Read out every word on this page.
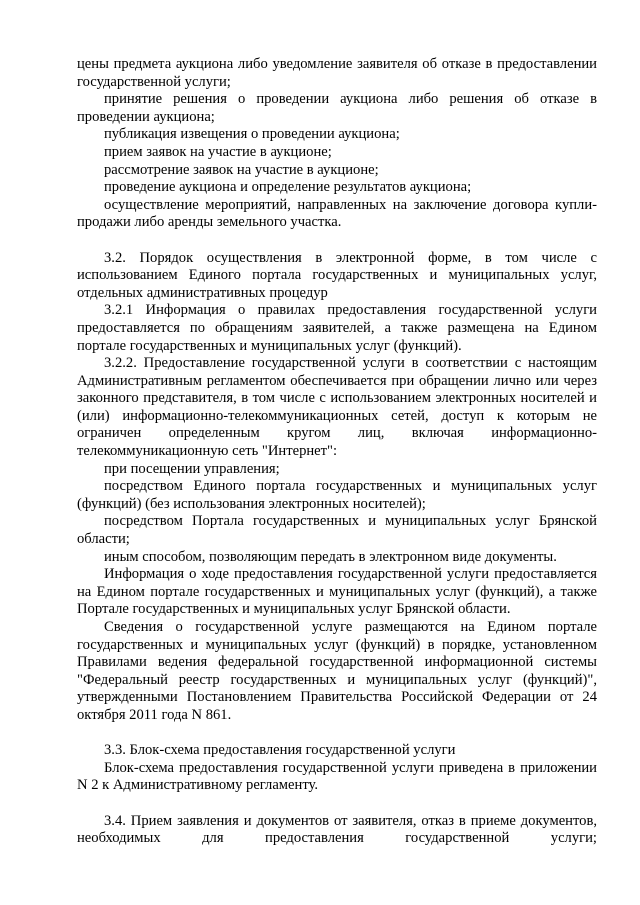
цены предмета аукциона либо уведомление заявителя об отказе в предоставлении государственной услуги;

принятие решения о проведении аукциона либо решения об отказе в проведении аукциона;

публикация извещения о проведении аукциона;

прием заявок на участие в аукционе;

рассмотрение заявок на участие в аукционе;

проведение аукциона и определение результатов аукциона;

осуществление мероприятий, направленных на заключение договора купли-продажи либо аренды земельного участка.

3.2. Порядок осуществления в электронной форме, в том числе с использованием Единого портала государственных и муниципальных услуг, отдельных административных процедур

3.2.1 Информация о правилах предоставления государственной услуги предоставляется по обращениям заявителей, а также размещена на Едином портале государственных и муниципальных услуг (функций).

3.2.2. Предоставление государственной услуги в соответствии с настоящим Административным регламентом обеспечивается при обращении лично или через законного представителя, в том числе с использованием электронных носителей и (или) информационно-телекоммуникационных сетей, доступ к которым не ограничен определенным кругом лиц, включая информационно-телекоммуникационную сеть "Интернет":

при посещении управления;

посредством Единого портала государственных и муниципальных услуг (функций) (без использования электронных носителей);

посредством Портала государственных и муниципальных услуг Брянской области;

иным способом, позволяющим передать в электронном виде документы.

Информация о ходе предоставления государственной услуги предоставляется на Едином портале государственных и муниципальных услуг (функций), а также Портале государственных и муниципальных услуг Брянской области.

Сведения о государственной услуге размещаются на Едином портале государственных и муниципальных услуг (функций) в порядке, установленном Правилами ведения федеральной государственной информационной системы "Федеральный реестр государственных и муниципальных услуг (функций)", утвержденными Постановлением Правительства Российской Федерации от 24 октября 2011 года N 861.

3.3. Блок-схема предоставления государственной услуги

Блок-схема предоставления государственной услуги приведена в приложении N 2 к Административному регламенту.

3.4. Прием заявления и документов от заявителя, отказ в приеме документов, необходимых для предоставления государственной услуги;
